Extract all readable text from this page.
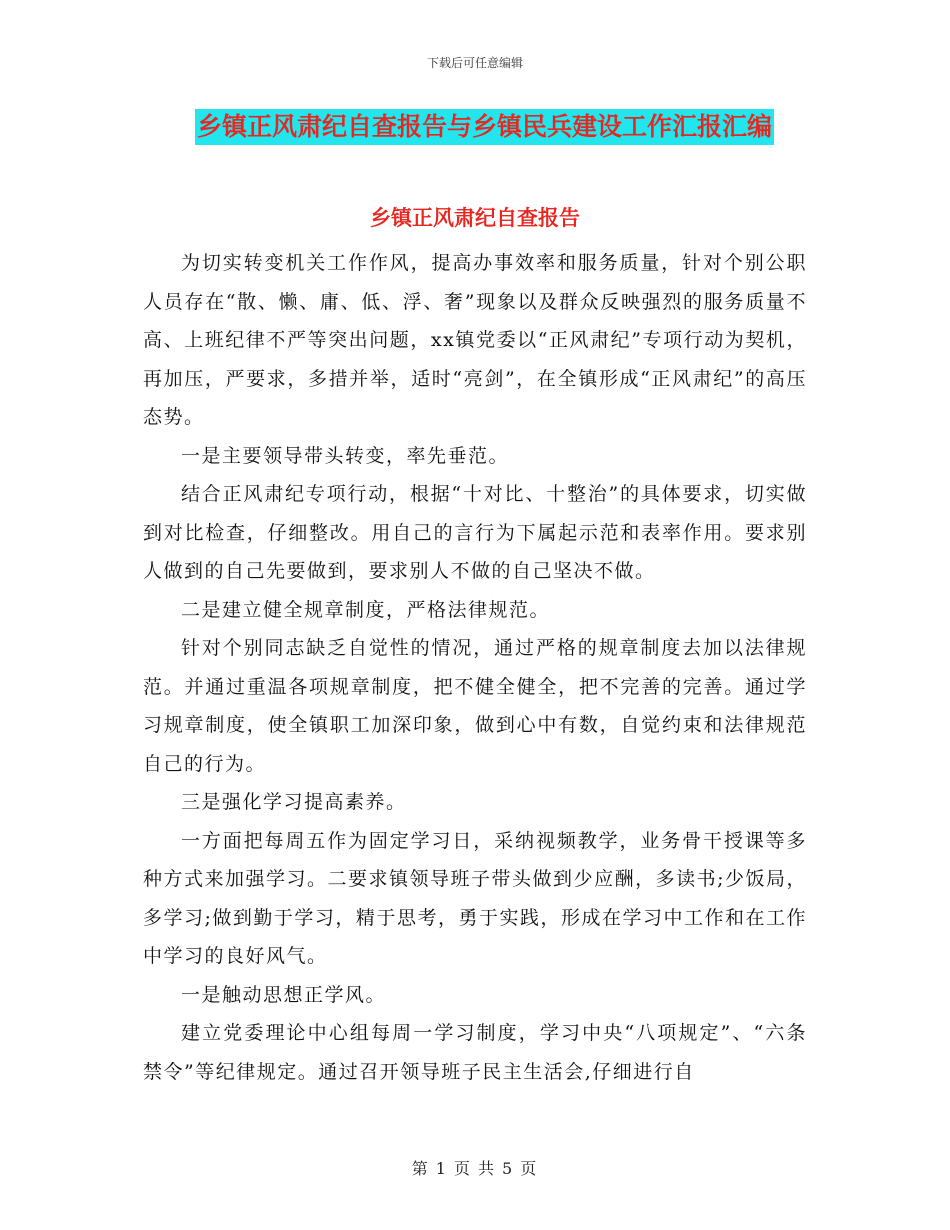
下载后可任意编辑
乡镇正风肃纪自查报告与乡镇民兵建设工作汇报汇编
乡镇正风肃纪自查报告

为切实转变机关工作作风，提高办事效率和服务质量，针对个别公职人员存在“散、懒、庸、低、浮、奢”现象以及群众反映强烈的服务质量不高、上班纪律不严等突出问题，xx镇党委以“正风肃纪”专项行动为契机，再加压，严要求，多措并举，适时“亮剑”，在全镇形成“正风肃纪”的高压态势。

一是主要领导带头转变，率先垂范。

结合正风肃纪专项行动，根据“十对比、十整治”的具体要求，切实做到对比检查，仔细整改。用自己的言行为下属起示范和表率作用。要求别人做到的自己先要做到，要求别人不做的自己坚决不做。

二是建立健全规章制度，严格法律规范。

针对个别同志缺乏自觉性的情况，通过严格的规章制度去加以法律规范。并通过重温各项规章制度，把不健全健全，把不完善的完善。通过学习规章制度，使全镇职工加深印象，做到心中有数，自觉约束和法律规范自己的行为。

三是强化学习提高素养。

一方面把每周五作为固定学习日，采纳视频教学，业务骨干授课等多种方式来加强学习。二要求镇领导班子带头做到少应酬，多读书;少饭局，多学习;做到勤于学习，精于思考，勇于实践，形成在学习中工作和在工作中学习的良好风气。

一是触动思想正学风。

建立党委理论中心组每周一学习制度，学习中央“八项规定”、“六条禁令”等纪律规定。通过召开领导班子民主生活会,仔细进行自

第 1 页 共 5 页
